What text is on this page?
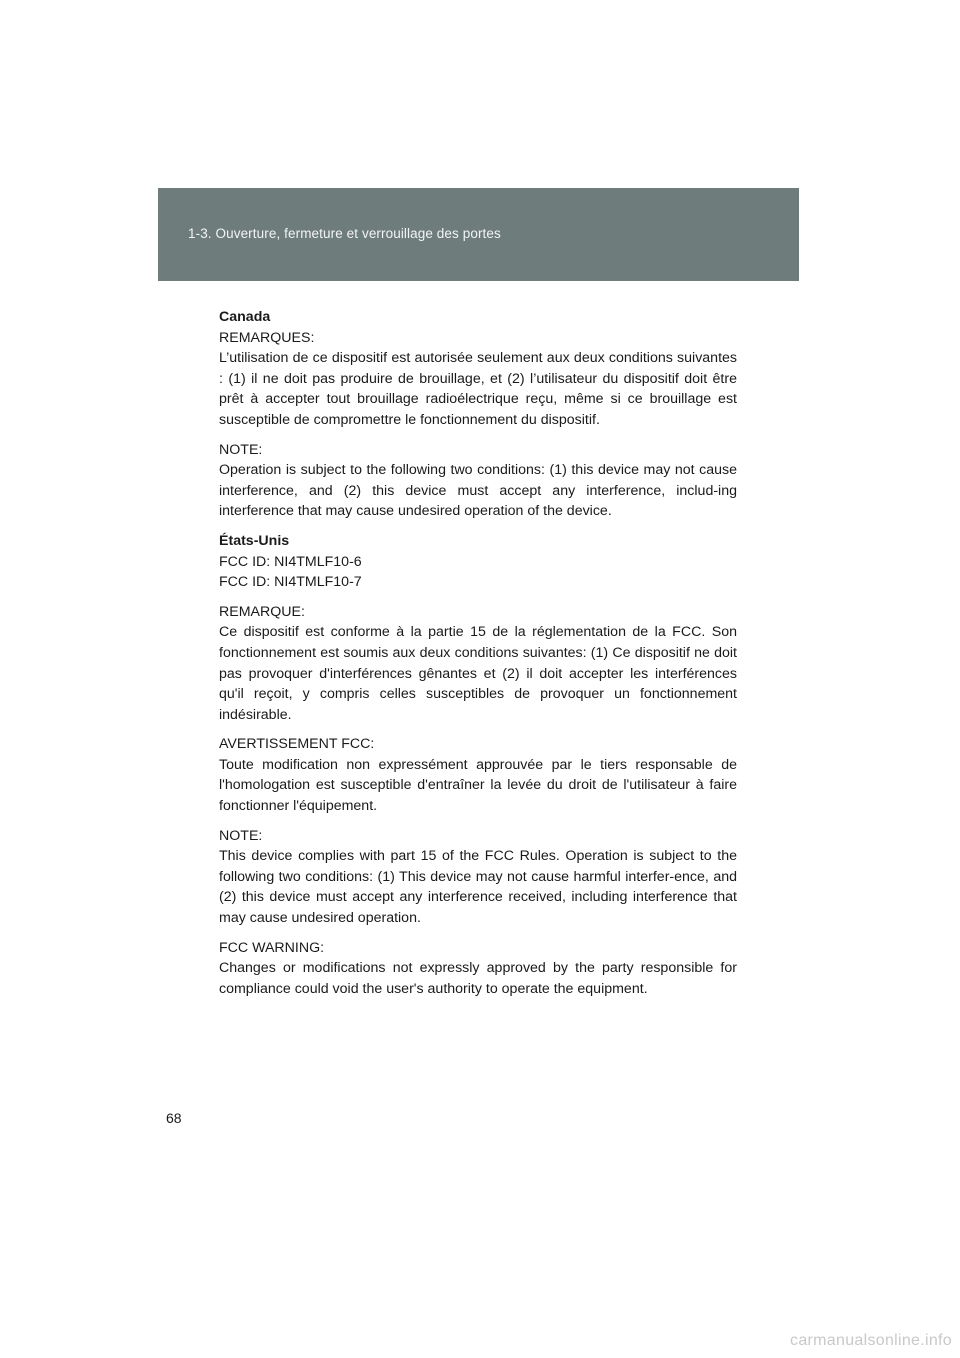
1-3. Ouverture, fermeture et verrouillage des portes
Canada
REMARQUES:
L’utilisation de ce dispositif est autorisée seulement aux deux conditions suivantes : (1) il ne doit pas produire de brouillage, et (2) l’utilisateur du dispositif doit être prêt à accepter tout brouillage radioélectrique reçu, même si ce brouillage est susceptible de compromettre le fonctionnement du dispositif.
NOTE:
Operation is subject to the following two conditions: (1) this device may not cause interference, and (2) this device must accept any interference, includ-ing interference that may cause undesired operation of the device.
États-Unis
FCC ID: NI4TMLF10-6
FCC ID: NI4TMLF10-7
REMARQUE:
Ce dispositif est conforme à la partie 15 de la réglementation de la FCC. Son fonctionnement est soumis aux deux conditions suivantes: (1) Ce dispositif ne doit pas provoquer d'interférences gênantes et (2) il doit accepter les interférences qu'il reçoit, y compris celles susceptibles de provoquer un fonctionnement indésirable.
AVERTISSEMENT FCC:
Toute modification non expressément approuvée par le tiers responsable de l'homologation est susceptible d'entraîner la levée du droit de l'utilisateur à faire fonctionner l'équipement.
NOTE:
This device complies with part 15 of the FCC Rules. Operation is subject to the following two conditions: (1) This device may not cause harmful interfer-ence, and (2) this device must accept any interference received, including interference that may cause undesired operation.
FCC WARNING:
Changes or modifications not expressly approved by the party responsible for compliance could void the user's authority to operate the equipment.
68
carmanualsonline.info
